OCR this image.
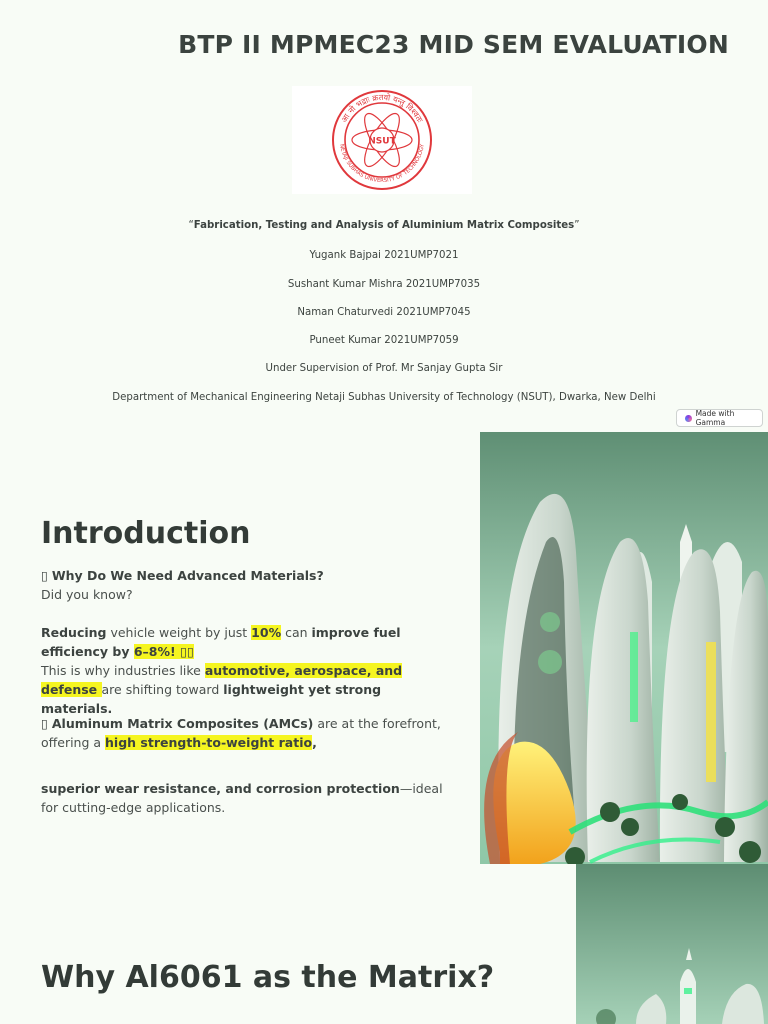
BTP II MPMEC23 MID SEM EVALUATION
आ नो भद्राः क्रतवो यन्तु विश्वतः
NETAJI SUBHAS UNIVERSITY OF TECHNOLOGY
NSUT

“Fabrication, Testing and Analysis of Aluminium Matrix Composites”

Yugank Bajpai 2021UMP7021

Sushant Kumar Mishra 2021UMP7035

Naman Chaturvedi 2021UMP7045

Puneet Kumar 2021UMP7059

Under Supervision of Prof. Mr Sanjay Gupta Sir

Department of Mechanical Engineering Netaji Subhas University of Technology (NSUT), Dwarka, New Delhi

Made with Gamma
Introduction
▯ Why Do We Need Advanced Materials?
Did you know?
Reducing vehicle weight by just 10% can improve fuel efficiency by 6–8%! ▯▯
This is why industries like automotive, aerospace, and defense are shifting toward lightweight yet strong materials.
▯ Aluminum Matrix Composites (AMCs) are at the forefront, offering a high strength-to-weight ratio,
superior wear resistance, and corrosion protection—ideal for cutting-edge applications.
Why Al6061 as the Matrix?
